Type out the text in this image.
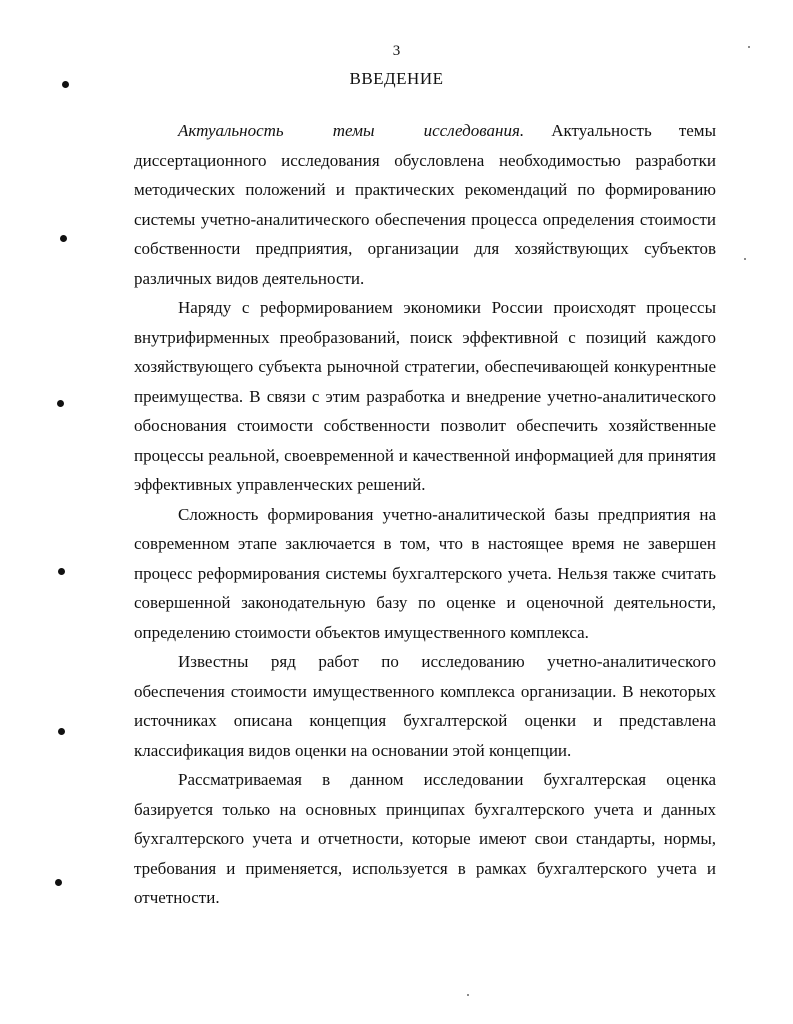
3
ВВЕДЕНИЕ

Актуальность темы исследования. Актуальность темы диссертационного исследования обусловлена необходимостью разработки методических положений и практических рекомендаций по формированию системы учетно-аналитического обеспечения процесса определения стоимости собственности предприятия, организации для хозяйствующих субъектов различных видов деятельности.

Наряду с реформированием экономики России происходят процессы внутрифирменных преобразований, поиск эффективной с позиций каждого хозяйствующего субъекта рыночной стратегии, обеспечивающей конкурентные преимущества. В связи с этим разработка и внедрение учетно-аналитического обоснования стоимости собственности позволит обеспечить хозяйственные процессы реальной, своевременной и качественной информацией для принятия эффективных управленческих решений.

Сложность формирования учетно-аналитической базы предприятия на современном этапе заключается в том, что в настоящее время не завершен процесс реформирования системы бухгалтерского учета. Нельзя также считать совершенной законодательную базу по оценке и оценочной деятельности, определению стоимости объектов имущественного комплекса.

Известны ряд работ по исследованию учетно-аналитического обеспечения стоимости имущественного комплекса организации. В некоторых источниках описана концепция бухгалтерской оценки и представлена классификация видов оценки на основании этой концепции.

Рассматриваемая в данном исследовании бухгалтерская оценка базируется только на основных принципах бухгалтерского учета и данных бухгалтерского учета и отчетности, которые имеют свои стандарты, нормы, требования и применяется, используется в рамках бухгалтерского учета и отчетности.
